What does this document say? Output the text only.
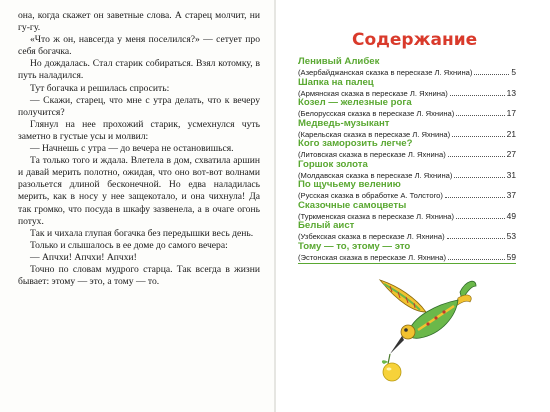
она, когда скажет он заветные слова. А старец молчит, ни гу-гу.

«Что ж он, навсегда у меня поселился?» — сетует про себя богачка.

Но дождалась. Стал старик собираться. Взял котомку, в путь наладился.

Тут богачка и решилась спросить:

— Скажи, старец, что мне с утра делать, что к вечеру получится?

Глянул на нее прохожий старик, усмехнулся чуть заметно в густые усы и молвил:

— Начнешь с утра — до вечера не остановишься.

Та только того и ждала. Влетела в дом, схватила аршин и давай мерить полотно, ожидая, что оно вот-вот волнами разольется длиной бесконечной. Но едва наладилась мерить, как в носу у нее защекотало, и она чихнула! Да так громко, что посуда в шкафу зазвенела, а в очаге огонь потух.

Так и чихала глупая богачка без передышки весь день.

Только и слышалось в ее доме до самого вечера:

— Апчхи! Апчхи! Апчхи!

Точно по словам мудрого старца. Так всегда в жизни бывает: этому — это, а тому — то.

Содержание
Ленивый Алибек
(Азербайджанская сказка в пересказе Л. Яхнина)	5
Шапка на палец
(Армянская сказка в пересказе Л. Яхнина)	13
Козел — железные рога
(Белорусская сказка в пересказе Л. Яхнина)	17
Медведь-музыкант
(Карельская сказка в пересказе Л. Яхнина)	21
Кого заморозить легче?
(Литовская сказка в пересказе Л. Яхнина)	27
Горшок золота
(Молдавская сказка в пересказе Л. Яхнина)	31
По щучьему велению
(Русская сказка в обработке А. Толстого)	37
Сказочные самоцветы
(Туркменская сказка в пересказе Л. Яхнина)	49
Белый аист
(Узбекская сказка в пересказе Л. Яхнина)	53
Тому — то, этому — это
(Эстонская сказка в пересказе Л. Яхнина)	59
